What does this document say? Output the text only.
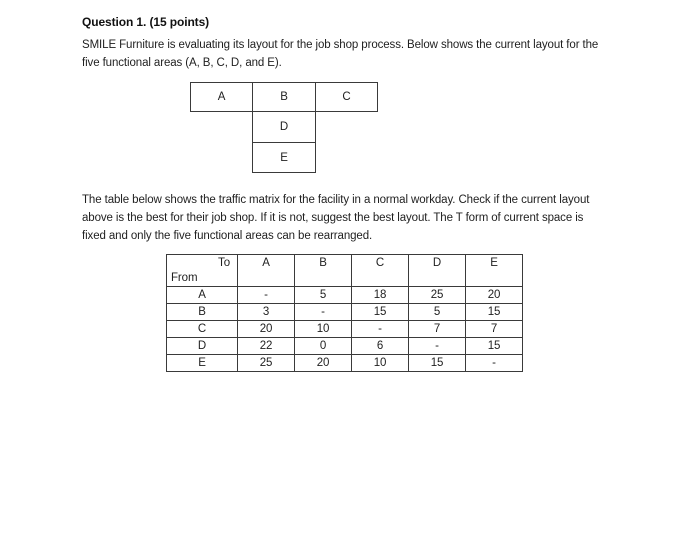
Question 1. (15 points)
SMILE Furniture is evaluating its layout for the job shop process. Below shows the current layout for the
five functional areas (A, B, C, D, and E).
A	B	C
D
E
The table below shows the traffic matrix for the facility in a normal workday. Check if the current layout
above is the best for their job shop. If it is not, suggest the best layout. The T form of current space is
fixed and only the five functional areas can be rearranged.
To
From	A	B	C	D	E
A	-	5	18	25	20
B	3	-	15	5	15
C	20	10	-	7	7
D	22	0	6	-	15
E	25	20	10	15	-
